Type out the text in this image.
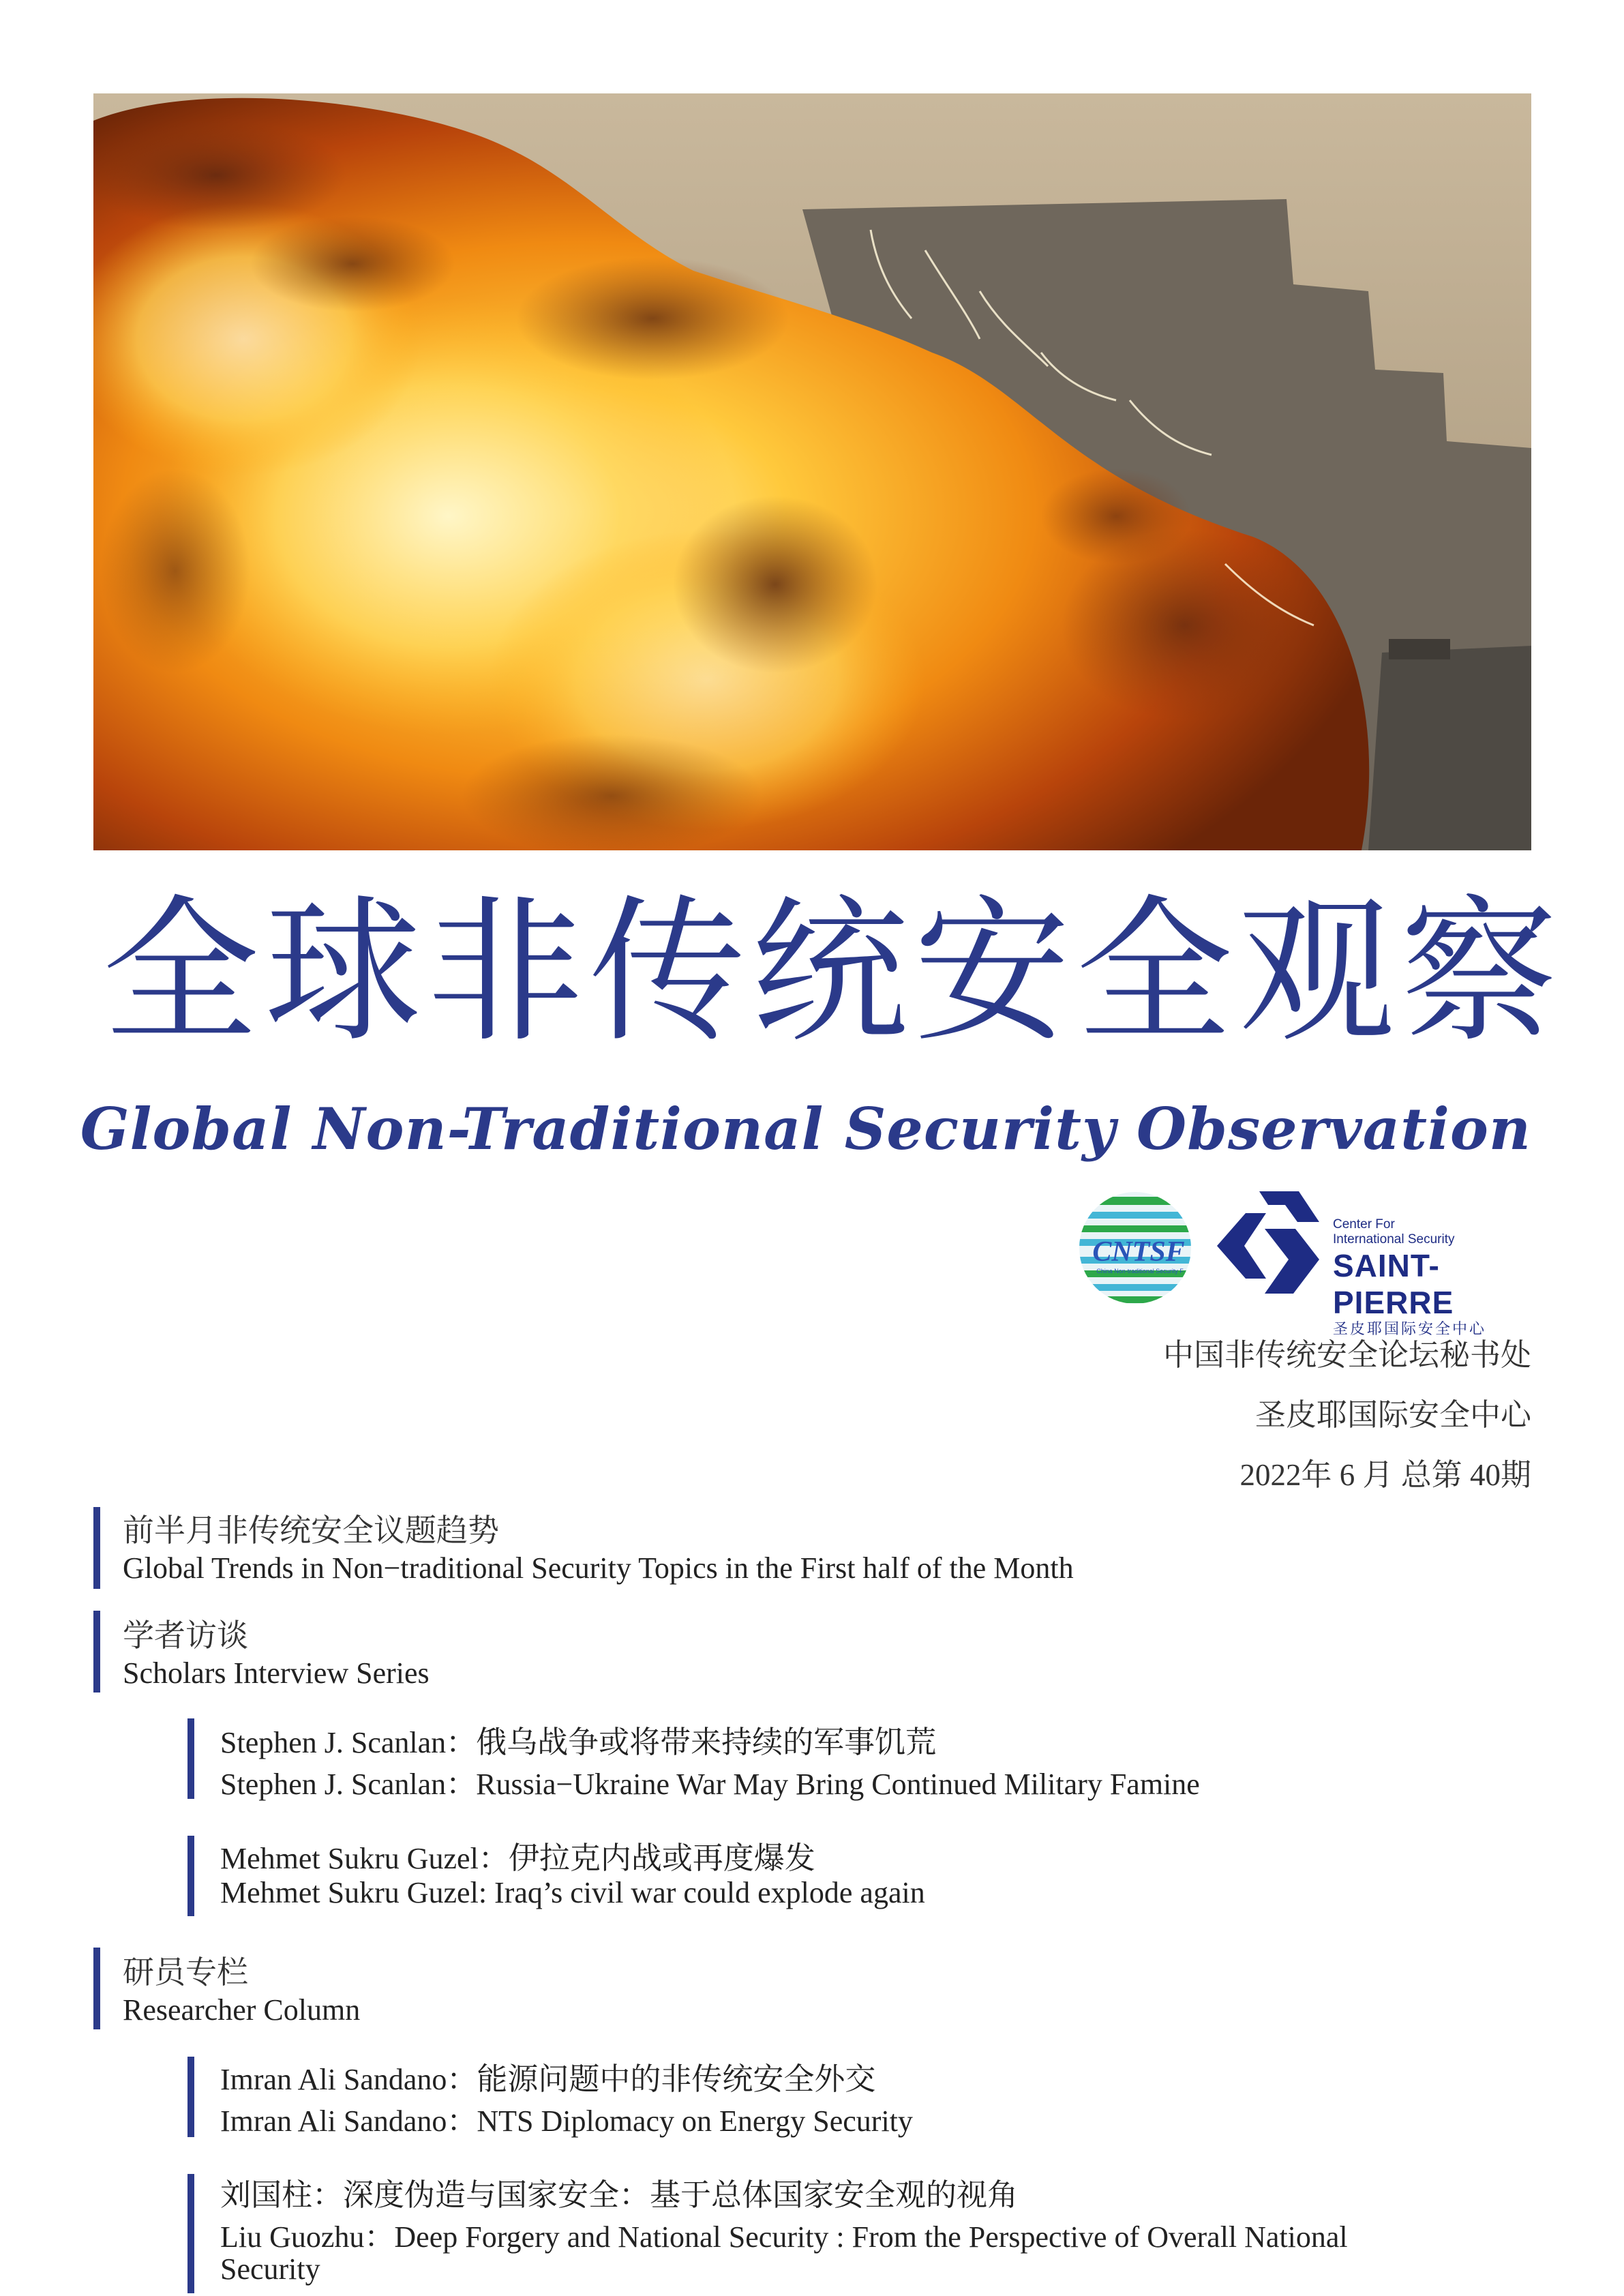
全球非传统安全观察
Global Non-Traditional Security Observation
CNTSF
China Non-traditional Security F
Center For
International Security
SAINT-PIERRE
圣皮耶国际安全中心
中国非传统安全论坛秘书处
圣皮耶国际安全中心
2022年 6 月 总第 40期
前半月非传统安全议题趋势
Global Trends in Non−traditional Security Topics in the First half of the Month
学者访谈
Scholars Interview Series
Stephen J. Scanlan：俄乌战争或将带来持续的军事饥荒
Stephen J. Scanlan：Russia−Ukraine War May Bring Continued Military Famine
Mehmet Sukru Guzel：伊拉克内战或再度爆发
Mehmet Sukru Guzel: Iraq’s civil war could explode again
研员专栏
Researcher Column
Imran Ali Sandano：能源问题中的非传统安全外交
Imran Ali Sandano：NTS Diplomacy on Energy Security
刘国柱：深度伪造与国家安全：基于总体国家安全观的视角
Liu Guozhu：Deep Forgery and National Security : From the Perspective of Overall National
Security
